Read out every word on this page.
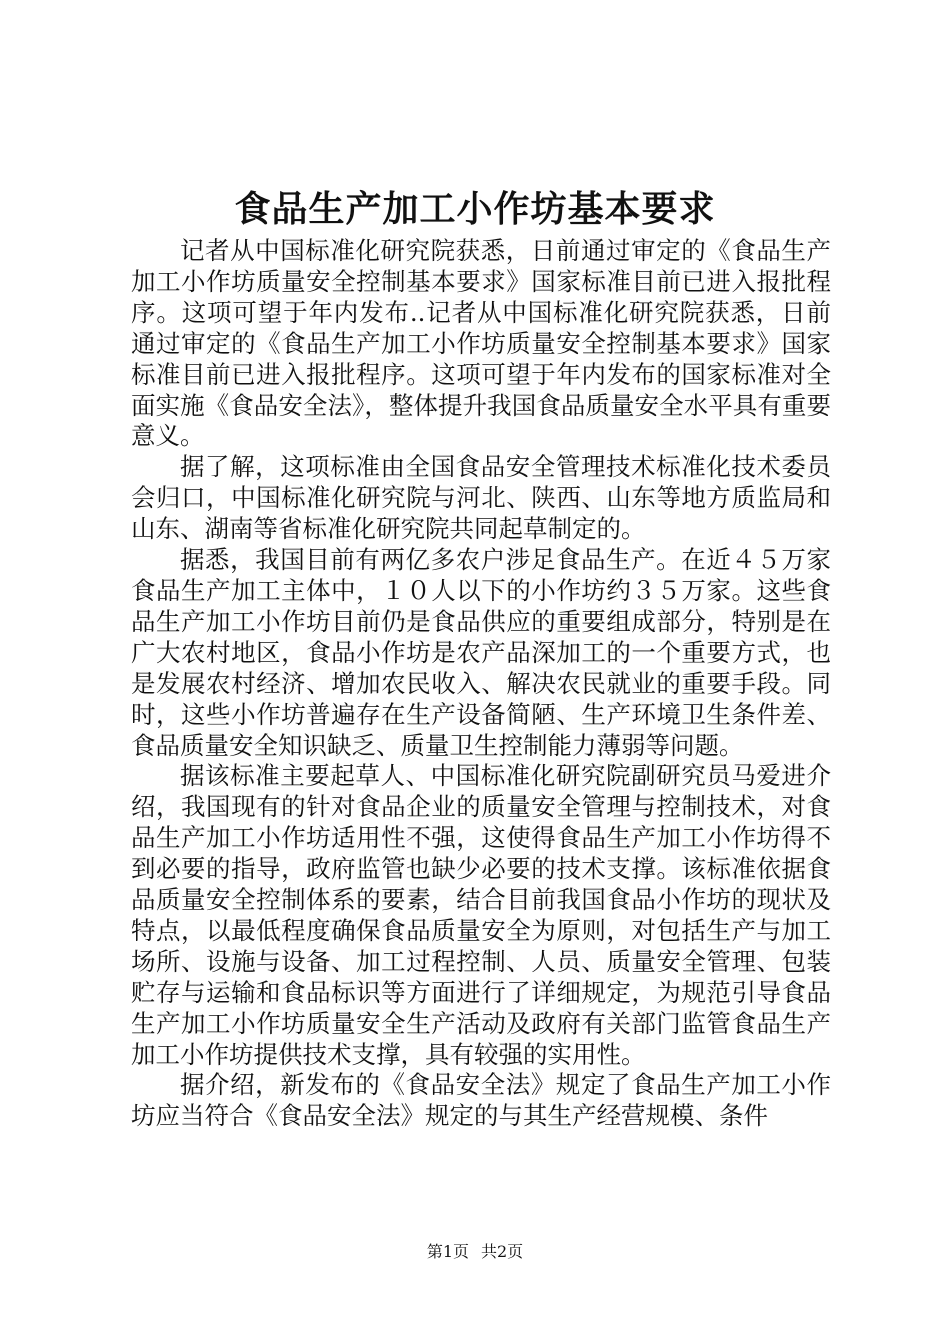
食品生产加工小作坊基本要求

记者从中国标准化研究院获悉，日前通过审定的《食品生产加工小作坊质量安全控制基本要求》国家标准目前已进入报批程序。这项可望于年内发布..记者从中国标准化研究院获悉，日前通过审定的《食品生产加工小作坊质量安全控制基本要求》国家标准目前已进入报批程序。这项可望于年内发布的国家标准对全面实施《食品安全法》，整体提升我国食品质量安全水平具有重要意义。

据了解，这项标准由全国食品安全管理技术标准化技术委员会归口，中国标准化研究院与河北、陕西、山东等地方质监局和山东、湖南等省标准化研究院共同起草制定的。

据悉，我国目前有两亿多农户涉足食品生产。在近４５万家食品生产加工主体中，１０人以下的小作坊约３５万家。这些食品生产加工小作坊目前仍是食品供应的重要组成部分，特别是在广大农村地区，食品小作坊是农产品深加工的一个重要方式，也是发展农村经济、增加农民收入、解决农民就业的重要手段。同时，这些小作坊普遍存在生产设备简陋、生产环境卫生条件差、食品质量安全知识缺乏、质量卫生控制能力薄弱等问题。

据该标准主要起草人、中国标准化研究院副研究员马爱进介绍，我国现有的针对食品企业的质量安全管理与控制技术，对食品生产加工小作坊适用性不强，这使得食品生产加工小作坊得不到必要的指导，政府监管也缺少必要的技术支撑。该标准依据食品质量安全控制体系的要素，结合目前我国食品小作坊的现状及特点，以最低程度确保食品质量安全为原则，对包括生产与加工场所、设施与设备、加工过程控制、人员、质量安全管理、包装贮存与运输和食品标识等方面进行了详细规定，为规范引导食品生产加工小作坊质量安全生产活动及政府有关部门监管食品生产加工小作坊提供技术支撑，具有较强的实用性。

据介绍，新发布的《食品安全法》规定了食品生产加工小作坊应当符合《食品安全法》规定的与其生产经营规模、条件

第1页 共2页
